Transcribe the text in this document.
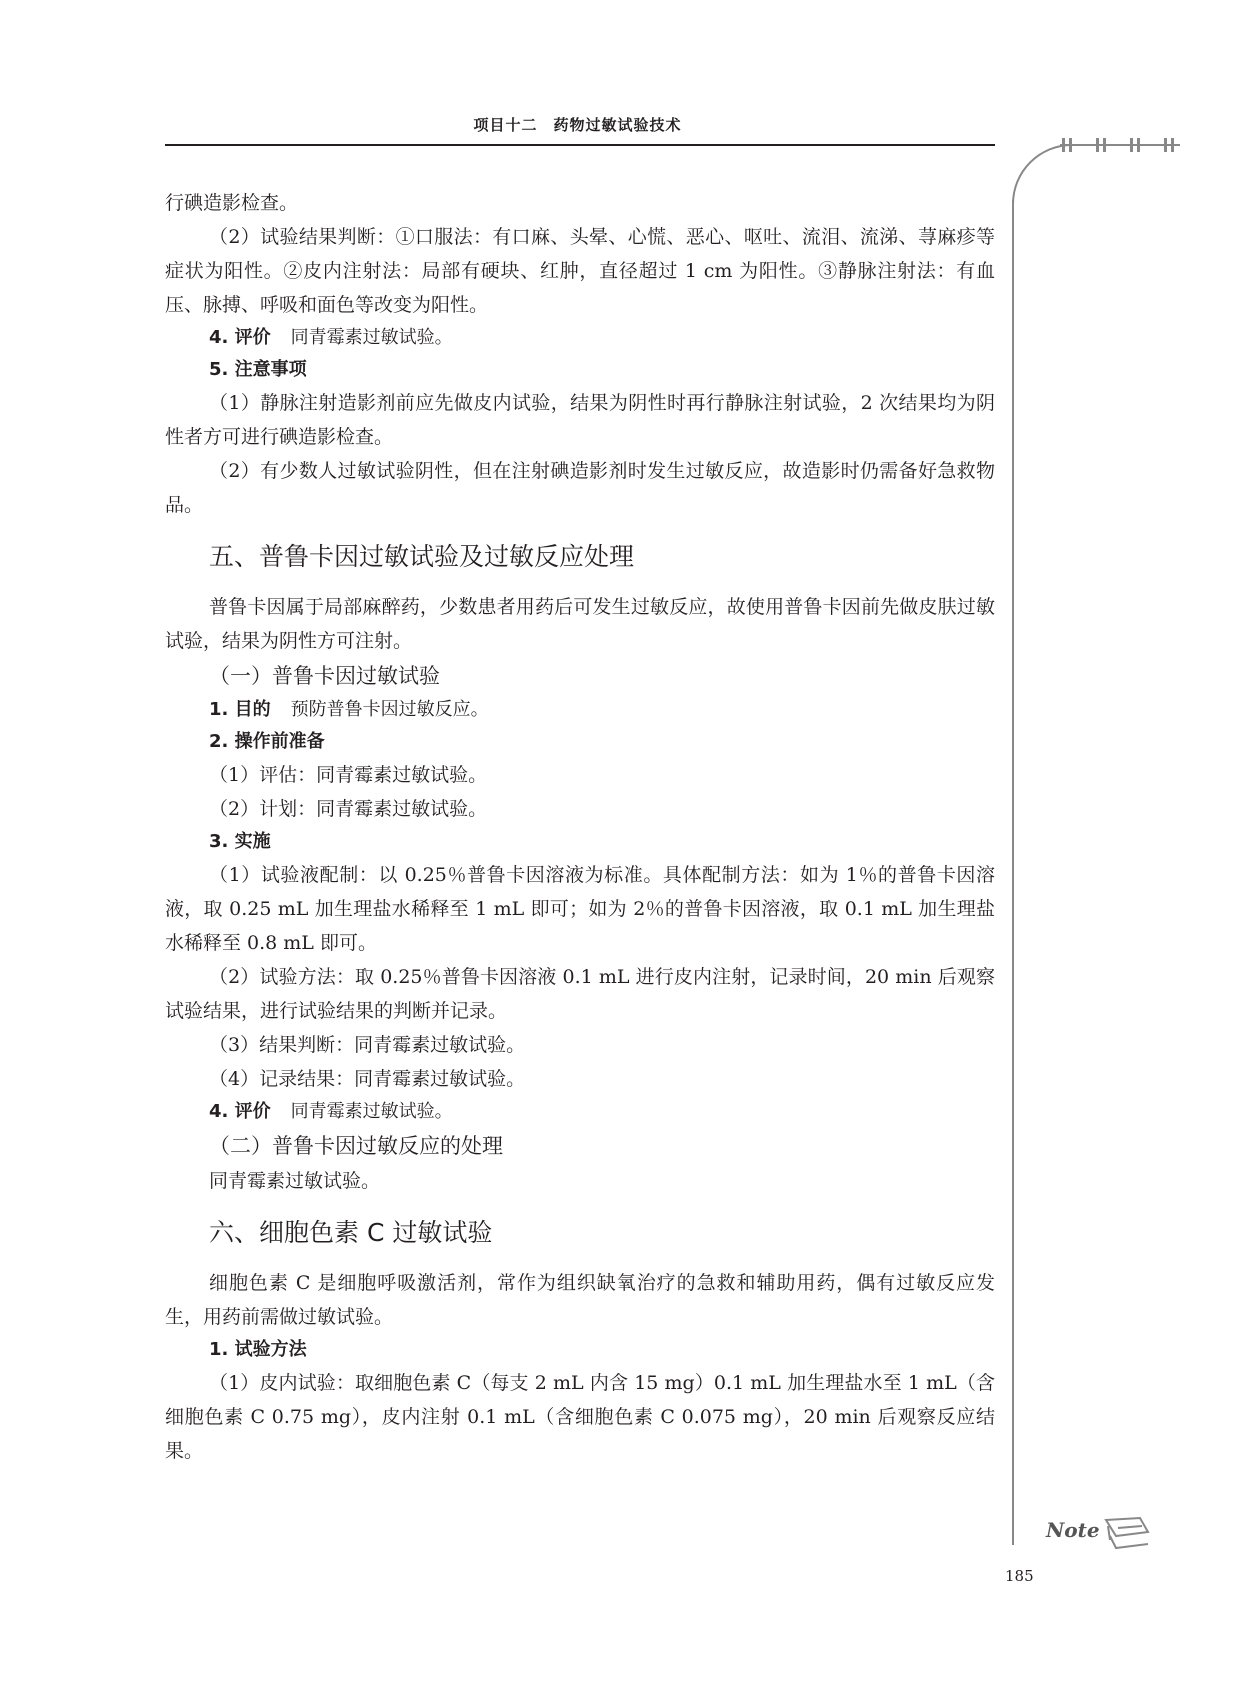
项目十二　药物过敏试验技术
Note

行碘造影检查。

（2）试验结果判断：①口服法：有口麻、头晕、心慌、恶心、呕吐、流泪、流涕、荨麻疹等症状为阳性。②皮内注射法：局部有硬块、红肿，直径超过 1 cm 为阳性。③静脉注射法：有血压、脉搏、呼吸和面色等改变为阳性。

4. 评价 同青霉素过敏试验。
5. 注意事项

（1）静脉注射造影剂前应先做皮内试验，结果为阴性时再行静脉注射试验，2 次结果均为阴性者方可进行碘造影检查。

（2）有少数人过敏试验阴性，但在注射碘造影剂时发生过敏反应，故造影时仍需备好急救物品。

五、普鲁卡因过敏试验及过敏反应处理

普鲁卡因属于局部麻醉药，少数患者用药后可发生过敏反应，故使用普鲁卡因前先做皮肤过敏试验，结果为阴性方可注射。

（一）普鲁卡因过敏试验
1. 目的 预防普鲁卡因过敏反应。
2. 操作前准备

（1）评估：同青霉素过敏试验。

（2）计划：同青霉素过敏试验。

3. 实施

（1）试验液配制：以 0.25％普鲁卡因溶液为标准。具体配制方法：如为 1％的普鲁卡因溶液，取 0.25 mL 加生理盐水稀释至 1 mL 即可；如为 2％的普鲁卡因溶液，取 0.1 mL 加生理盐水稀释至 0.8 mL 即可。

（2）试验方法：取 0.25％普鲁卡因溶液 0.1 mL 进行皮内注射，记录时间，20 min 后观察试验结果，进行试验结果的判断并记录。

（3）结果判断：同青霉素过敏试验。

（4）记录结果：同青霉素过敏试验。

4. 评价 同青霉素过敏试验。
（二）普鲁卡因过敏反应的处理

同青霉素过敏试验。

六、细胞色素 C 过敏试验

细胞色素 C 是细胞呼吸激活剂，常作为组织缺氧治疗的急救和辅助用药，偶有过敏反应发生，用药前需做过敏试验。

1. 试验方法

（1）皮内试验：取细胞色素 C（每支 2 mL 内含 15 mg）0.1 mL 加生理盐水至 1 mL（含细胞色素 C 0.75 mg），皮内注射 0.1 mL（含细胞色素 C 0.075 mg），20 min 后观察反应结果。

185
